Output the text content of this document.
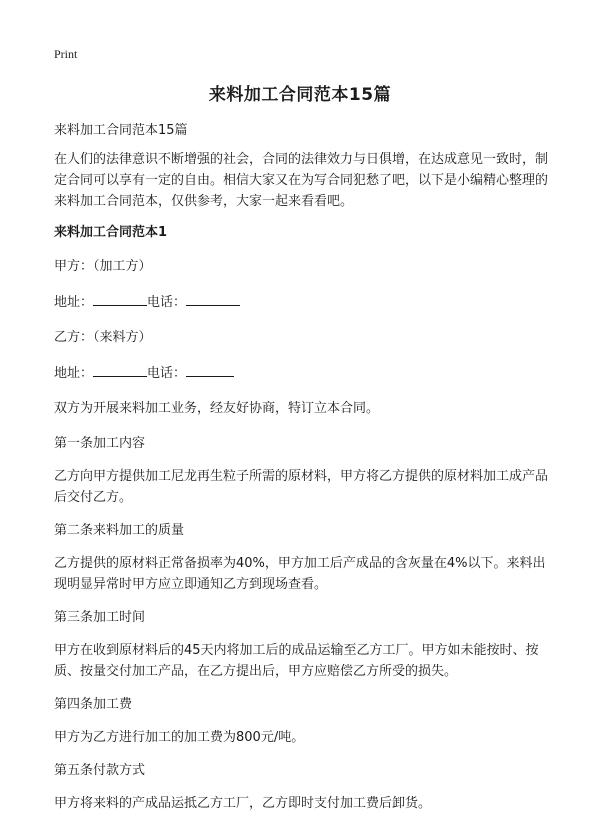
Print
来料加工合同范本15篇

来料加工合同范本15篇

在人们的法律意识不断增强的社会，合同的法律效力与日俱增，在达成意见一致时，制定合同可以享有一定的自由。相信大家又在为写合同犯愁了吧，以下是小编精心整理的来料加工合同范本，仅供参考，大家一起来看看吧。

来料加工合同范本1

甲方：（加工方）

地址：	电话：

乙方：（来料方）

地址：	电话：

双方为开展来料加工业务，经友好协商，特订立本合同。

第一条加工内容

乙方向甲方提供加工尼龙再生粒子所需的原材料，甲方将乙方提供的原材料加工成产品后交付乙方。

第二条来料加工的质量

乙方提供的原材料正常备损率为40%，甲方加工后产成品的含灰量在4%以下。来料出现明显异常时甲方应立即通知乙方到现场查看。

第三条加工时间

甲方在收到原材料后的45天内将加工后的成品运输至乙方工厂。甲方如未能按时、按质、按量交付加工产品，在乙方提出后，甲方应赔偿乙方所受的损失。

第四条加工费

甲方为乙方进行加工的加工费为800元/吨。

第五条付款方式

甲方将来料的产成品运抵乙方工厂，乙方即时支付加工费后卸货。
